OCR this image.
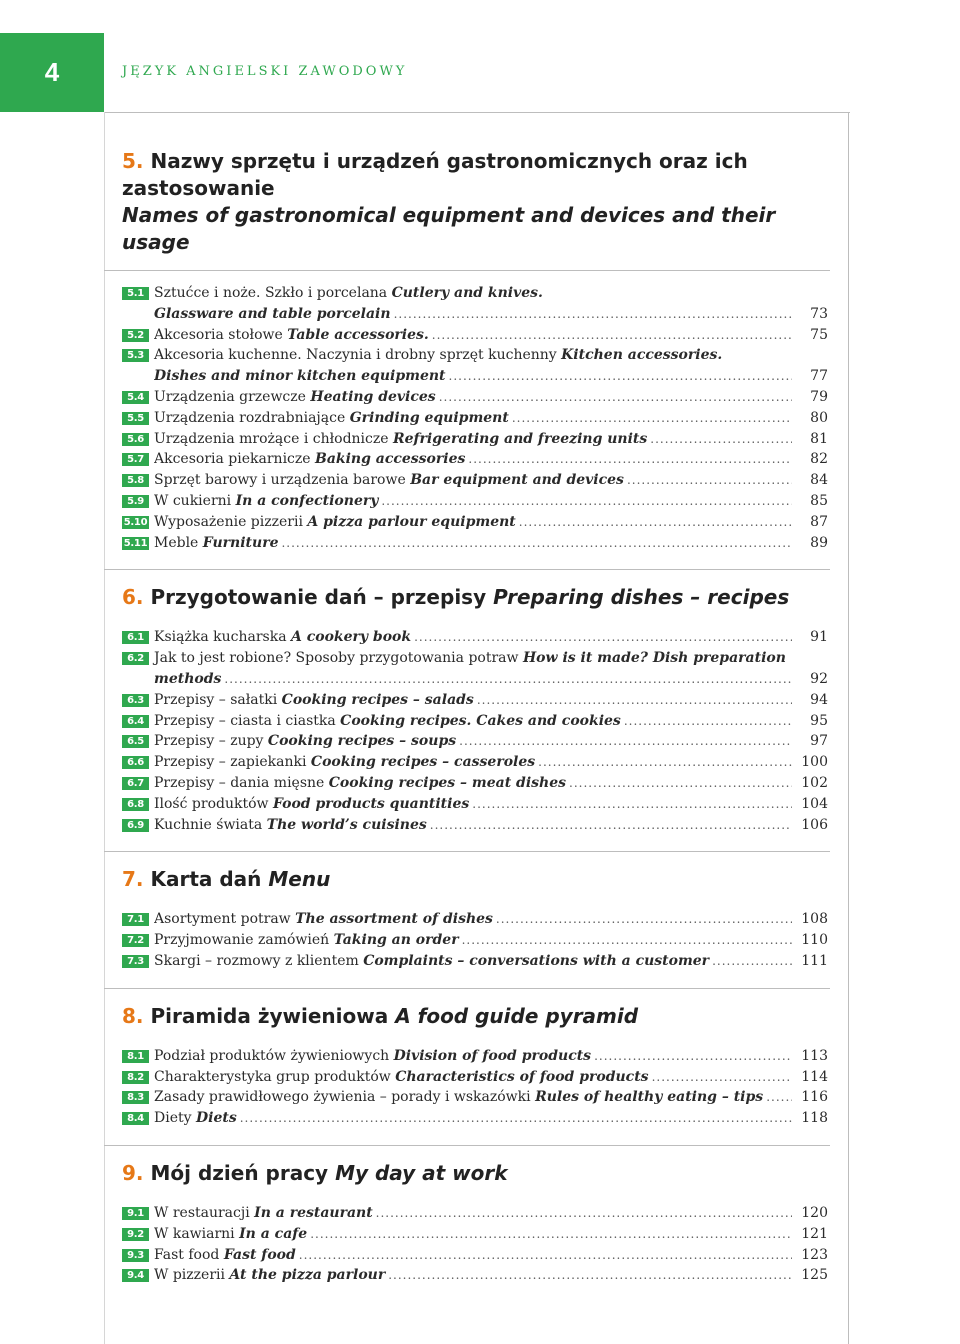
4	JĘZYK ANGIELSKI ZAWODOWY
5. Nazwy sprzętu i urządzeń gastronomicznych oraz ich zastosowanie
Names of gastronomical equipment and devices and their usage
5.1 Sztućce i noże. Szkło i porcelana Cutlery and knives.
Glassware and table porcelain .....	73
5.2 Akcesoria stołowe Table accessories. .....	75
5.3 Akcesoria kuchenne. Naczynia i drobny sprzęt kuchenny Kitchen accessories.
Dishes and minor kitchen equipment .....	77
5.4 Urządzenia grzewcze Heating devices .....	79
5.5 Urządzenia rozdrabniające Grinding equipment .....	80
5.6 Urządzenia mrożące i chłodnicze Refrigerating and freezing units .....	81
5.7 Akcesoria piekarnicze Baking accessories .....	82
5.8 Sprzęt barowy i urządzenia barowe Bar equipment and devices .....	84
5.9 W cukierni In a confectionery .....	85
5.10 Wyposażenie pizzerii A pizza parlour equipment .....	87
5.11 Meble Furniture .....	89
6. Przygotowanie dań – przepisy Preparing dishes – recipes
6.1 Książka kucharska A cookery book .....	91
6.2 Jak to jest robione? Sposoby przygotowania potraw How is it made? Dish preparation
methods .....	92
6.3 Przepisy – sałatki Cooking recipes – salads .....	94
6.4 Przepisy – ciasta i ciastka Cooking recipes. Cakes and cookies .....	95
6.5 Przepisy – zupy Cooking recipes – soups .....	97
6.6 Przepisy – zapiekanki Cooking recipes – casseroles .....	100
6.7 Przepisy – dania mięsne Cooking recipes – meat dishes .....	102
6.8 Ilość produktów Food products quantities .....	104
6.9 Kuchnie świata The world’s cuisines .....	106
7. Karta dań Menu
7.1 Asortyment potraw The assortment of dishes .....	108
7.2 Przyjmowanie zamówień Taking an order .....	110
7.3 Skargi – rozmowy z klientem Complaints – conversations with a customer .....	111
8. Piramida żywieniowa A food guide pyramid
8.1 Podział produktów żywieniowych Division of food products .....	113
8.2 Charakterystyka grup produktów Characteristics of food products .....	114
8.3 Zasady prawidłowego żywienia – porady i wskazówki Rules of healthy eating – tips .....	116
8.4 Diety Diets .....	118
9. Mój dzień pracy My day at work
9.1 W restauracji In a restaurant .....	120
9.2 W kawiarni In a cafe .....	121
9.3 Fast food Fast food .....	123
9.4 W pizzerii At the pizza parlour .....	125
